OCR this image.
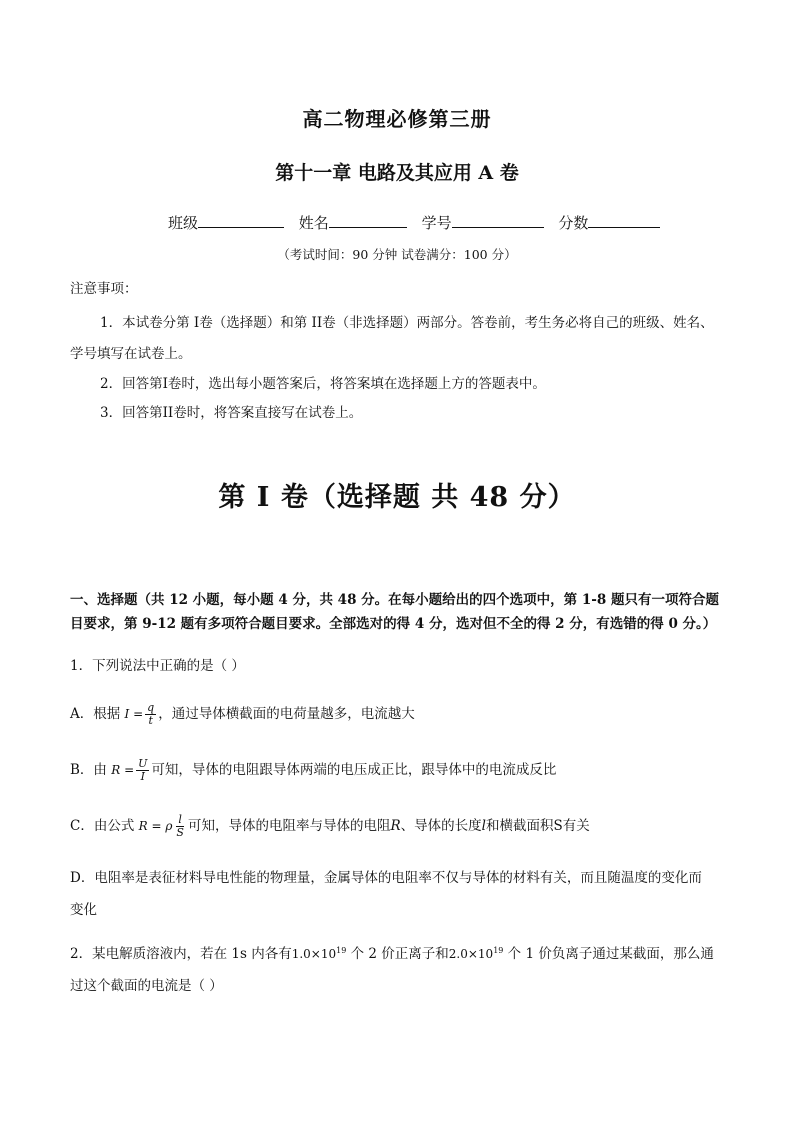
高二物理必修第三册
第十一章 电路及其应用 A 卷
班级	姓名	学号	分数
（考试时间：90 分钟 试卷满分：100 分）
注意事项：
1．本试卷分第 I卷（选择题）和第 II卷（非选择题）两部分。答卷前，考生务必将自己的班级、姓名、
学号填写在试卷上。
2．回答第I卷时，选出每小题答案后，将答案填在选择题上方的答题表中。
3．回答第II卷时，将答案直接写在试卷上。
第 I 卷（选择题 共 48 分）
一、选择题（共 12 小题，每小题 4 分，共 48 分。在每小题给出的四个选项中，第 1-8 题只有一项符合题
目要求，第 9-12 题有多项符合题目要求。全部选对的得 4 分，选对但不全的得 2 分，有选错的得 0 分。）
1．下列说法中正确的是（ ）
A．根据 $I = \frac{q}{t}$ ，通过导体横截面的电荷量越多，电流越大
B．由 $R = \frac{U}{I}$ 可知，导体的电阻跟导体两端的电压成正比，跟导体中的电流成反比
C．由公式 R = ρ $\frac{l}{S}$ 可知，导体的电阻率与导体的电阻R、导体的长度l和横截面积S有关
D．电阻率是表征材料导电性能的物理量，金属导体的电阻率不仅与导体的材料有关，而且随温度的变化而
变化
2．某电解质溶液内，若在 1s 内各有$1.0\times 10^{19}$ 个 2 价正离子和$2.0\times 10^{19}$ 个 1 价负离子通过某截面，那么通
过这个截面的电流是（ ）
